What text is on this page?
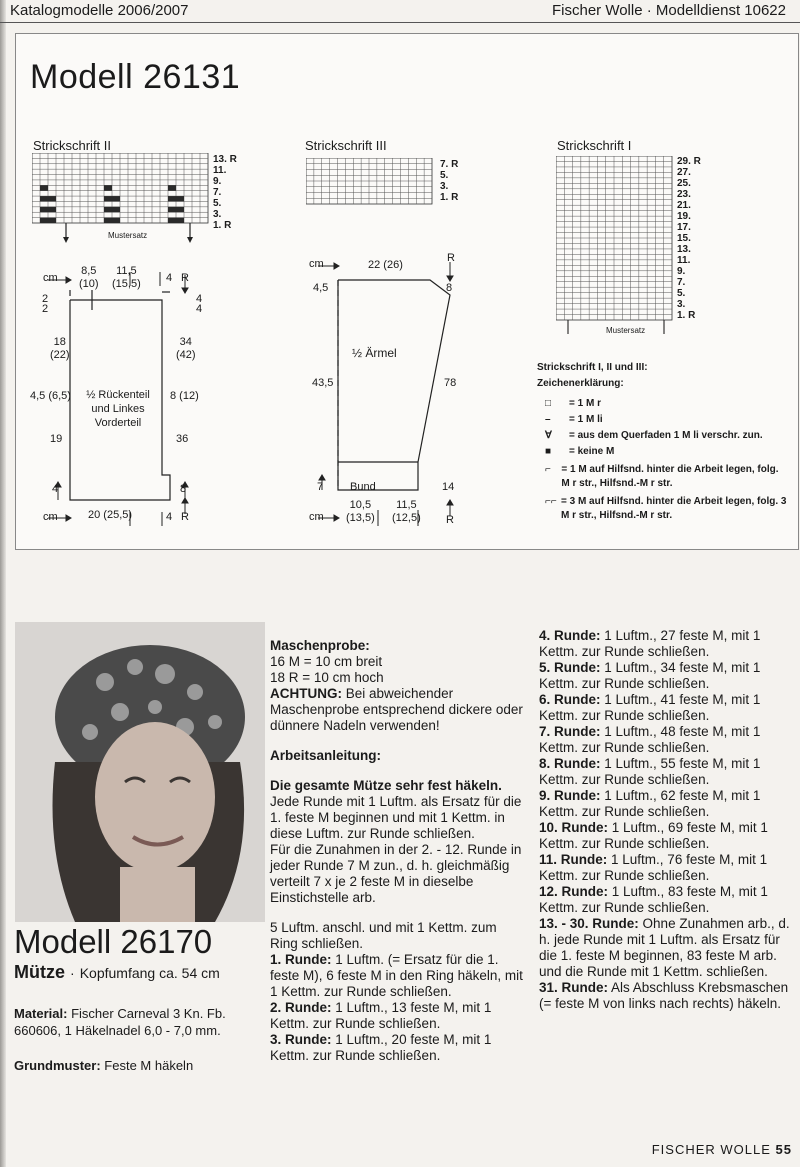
Katalogmodelle 2006/2007	Fischer Wolle · Modelldienst 10622
Modell 26131
Strickschrift II
Mustersatz
13. R
11.
9.
7.
5.
3.
1. R
Strickschrift III
7. R
5.
3.
1. R
Strickschrift I
Mustersatz
29. R
27.
25.
23.
21.
19.
17.
15.
13.
11.
9.
7.
5.
3.
1. R
cm
8,5
(10)
11,5
(15,5) 4 R
2
2
4
4
18
(22)
34
(42)
4,5 (6,5)	½ Rückenteil und Linkes Vorderteil
8 (12)
19	36
4	8
cm	20 (25,5)	4 R
cm
4,5
22 (26)
R
8
½ Ärmel
43,5	78
7 Bund	14
cm
10,5
(13,5)
11,5
(12,5) R
Strickschrift I, II und III:
Zeichenerklärung:
□	= 1 M r
–	= 1 M li
∀	= aus dem Querfaden 1 M li verschr. zun.
■	= keine M
⌐	= 1 M auf Hilfsnd. hinter die Arbeit legen, folg. M r str., Hilfsnd.-M r str.
⌐⌐ = 3 M auf Hilfsnd. hinter die Arbeit legen, folg. 3 M r str., Hilfsnd.-M r str.
Modell 26170
Mütze · Kopfumfang ca. 54 cm
Material: Fischer Carneval 3 Kn. Fb. 660606, 1 Häkelnadel 6,0 - 7,0 mm.
Grundmuster: Feste M häkeln
Maschenprobe:
16 M = 10 cm breit
18 R = 10 cm hoch

ACHTUNG: Bei abweichender Maschenprobe entsprechend dickere oder dünnere Nadeln verwenden!

Arbeitsanleitung:

Die gesamte Mütze sehr fest häkeln.
Jede Runde mit 1 Luftm. als Ersatz für die 1. feste M beginnen und mit 1 Kettm. in diese Luftm. zur Runde schließen.

Für die Zunahmen in der 2. - 12. Runde in jeder Runde 7 M zun., d. h. gleichmäßig verteilt 7 x je 2 feste M in dieselbe Einstichstelle arb.

5 Luftm. anschl. und mit 1 Kettm. zum Ring schließen.
1. Runde: 1 Luftm. (= Ersatz für die 1. feste M), 6 feste M in den Ring häkeln, mit 1 Kettm. zur Runde schließen.
2. Runde: 1 Luftm., 13 feste M, mit 1 Kettm. zur Runde schließen.
3. Runde: 1 Luftm., 20 feste M, mit 1 Kettm. zur Runde schließen.
4. Runde: 1 Luftm., 27 feste M, mit 1 Kettm. zur Runde schließen.
5. Runde: 1 Luftm., 34 feste M, mit 1 Kettm. zur Runde schließen.
6. Runde: 1 Luftm., 41 feste M, mit 1 Kettm. zur Runde schließen.
7. Runde: 1 Luftm., 48 feste M, mit 1 Kettm. zur Runde schließen.
8. Runde: 1 Luftm., 55 feste M, mit 1 Kettm. zur Runde schließen.
9. Runde: 1 Luftm., 62 feste M, mit 1 Kettm. zur Runde schließen.
10. Runde: 1 Luftm., 69 feste M, mit 1 Kettm. zur Runde schließen.
11. Runde: 1 Luftm., 76 feste M, mit 1 Kettm. zur Runde schließen.
12. Runde: 1 Luftm., 83 feste M, mit 1 Kettm. zur Runde schließen.
13. - 30. Runde: Ohne Zunahmen arb., d. h. jede Runde mit 1 Luftm. als Ersatz für die 1. feste M beginnen, 83 feste M arb. und die Runde mit 1 Kettm. schließen.
31. Runde: Als Abschluss Krebsmaschen (= feste M von links nach rechts) häkeln.
FISCHER WOLLE 55
